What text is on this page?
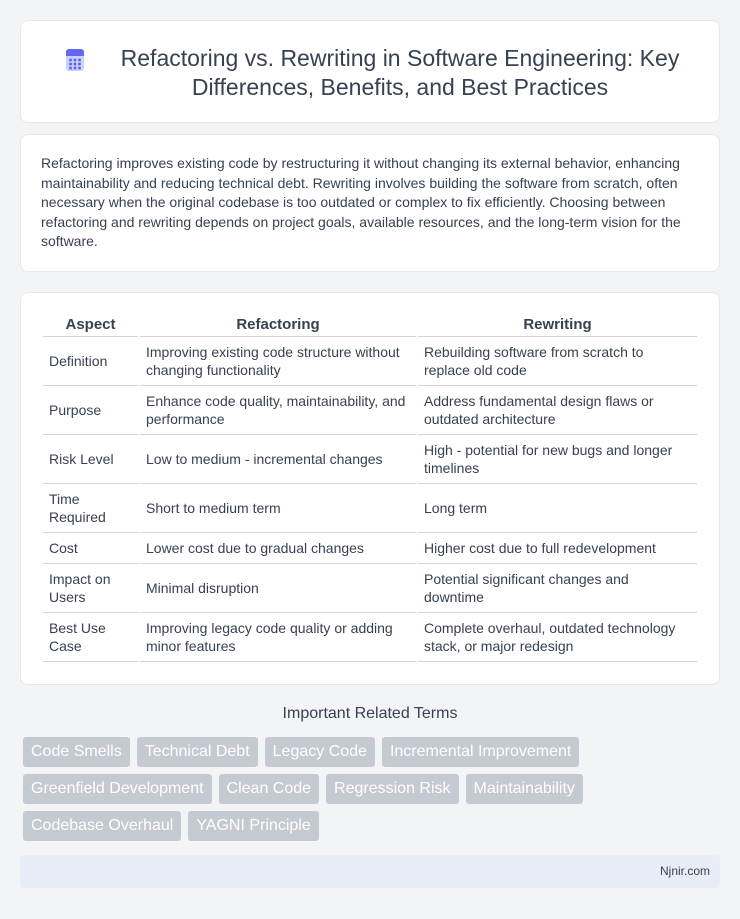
Refactoring vs. Rewriting in Software Engineering: Key Differences, Benefits, and Best Practices

Refactoring improves existing code by restructuring it without changing its external behavior, enhancing maintainability and reducing technical debt. Rewriting involves building the software from scratch, often necessary when the original codebase is too outdated or complex to fix efficiently. Choosing between refactoring and rewriting depends on project goals, available resources, and the long-term vision for the software.

Aspect	Refactoring	Rewriting
Definition	Improving existing code structure without changing functionality	Rebuilding software from scratch to replace old code
Purpose	Enhance code quality, maintainability, and performance	Address fundamental design flaws or outdated architecture
Risk Level	Low to medium - incremental changes	High - potential for new bugs and longer timelines
Time Required	Short to medium term	Long term
Cost	Lower cost due to gradual changes	Higher cost due to full redevelopment
Impact on Users	Minimal disruption	Potential significant changes and downtime
Best Use Case	Improving legacy code quality or adding minor features	Complete overhaul, outdated technology stack, or major redesign
Important Related Terms
Code Smells	Technical Debt	Legacy Code	Incremental Improvement
Greenfield Development	Clean Code	Regression Risk	Maintainability
Codebase Overhaul	YAGNI Principle
Njnir.com
